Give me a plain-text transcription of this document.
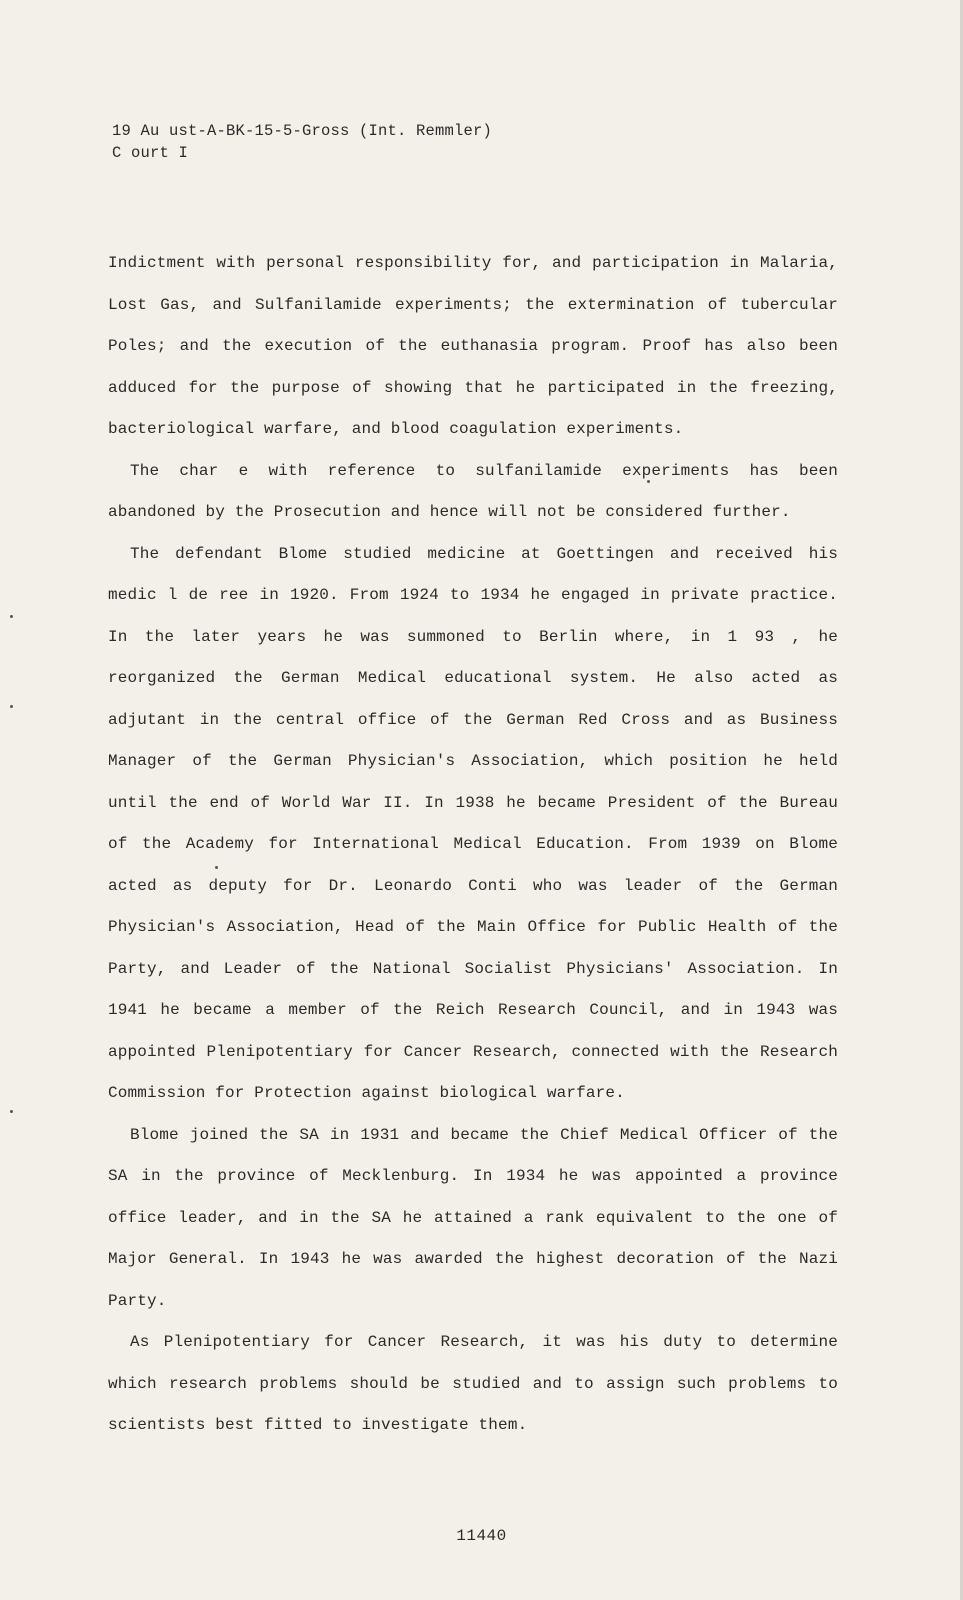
19 Au ust-A-BK-15-5-Gross (Int. Remmler)
C ourt I

Indictment with personal responsibility for, and participation in Malaria, Lost Gas, and Sulfanilamide experiments; the extermination of tubercular Poles; and the execution of the euthanasia program. Proof has also been adduced for the purpose of showing that he participated in the freezing, bacteriological warfare, and blood coagulation experiments.

The char e with reference to sulfanilamide experiments has been abandoned by the Prosecution and hence will not be considered further.

The defendant Blome studied medicine at Goettingen and received his medic l de ree in 1920. From 1924 to 1934 he engaged in private practice. In the later years he was summoned to Berlin where, in 1 93 , he reorganized the German Medical educational system. He also acted as adjutant in the central office of the German Red Cross and as Business Manager of the German Physician's Association, which position he held until the end of World War II. In 1938 he became President of the Bureau of the Academy for International Medical Education. From 1939 on Blome acted as deputy for Dr. Leonardo Conti who was leader of the German Physician's Association, Head of the Main Office for Public Health of the Party, and Leader of the National Socialist Physicians' Association. In 1941 he became a member of the Reich Research Council, and in 1943 was appointed Plenipotentiary for Cancer Research, connected with the Research Commission for Protection against biological warfare.

Blome joined the SA in 1931 and became the Chief Medical Officer of the SA in the province of Mecklenburg. In 1934 he was appointed a province office leader, and in the SA he attained a rank equivalent to the one of Major General. In 1943 he was awarded the highest decoration of the Nazi Party.

As Plenipotentiary for Cancer Research, it was his duty to determine which research problems should be studied and to assign such problems to scientists best fitted to investigate them.

11440
